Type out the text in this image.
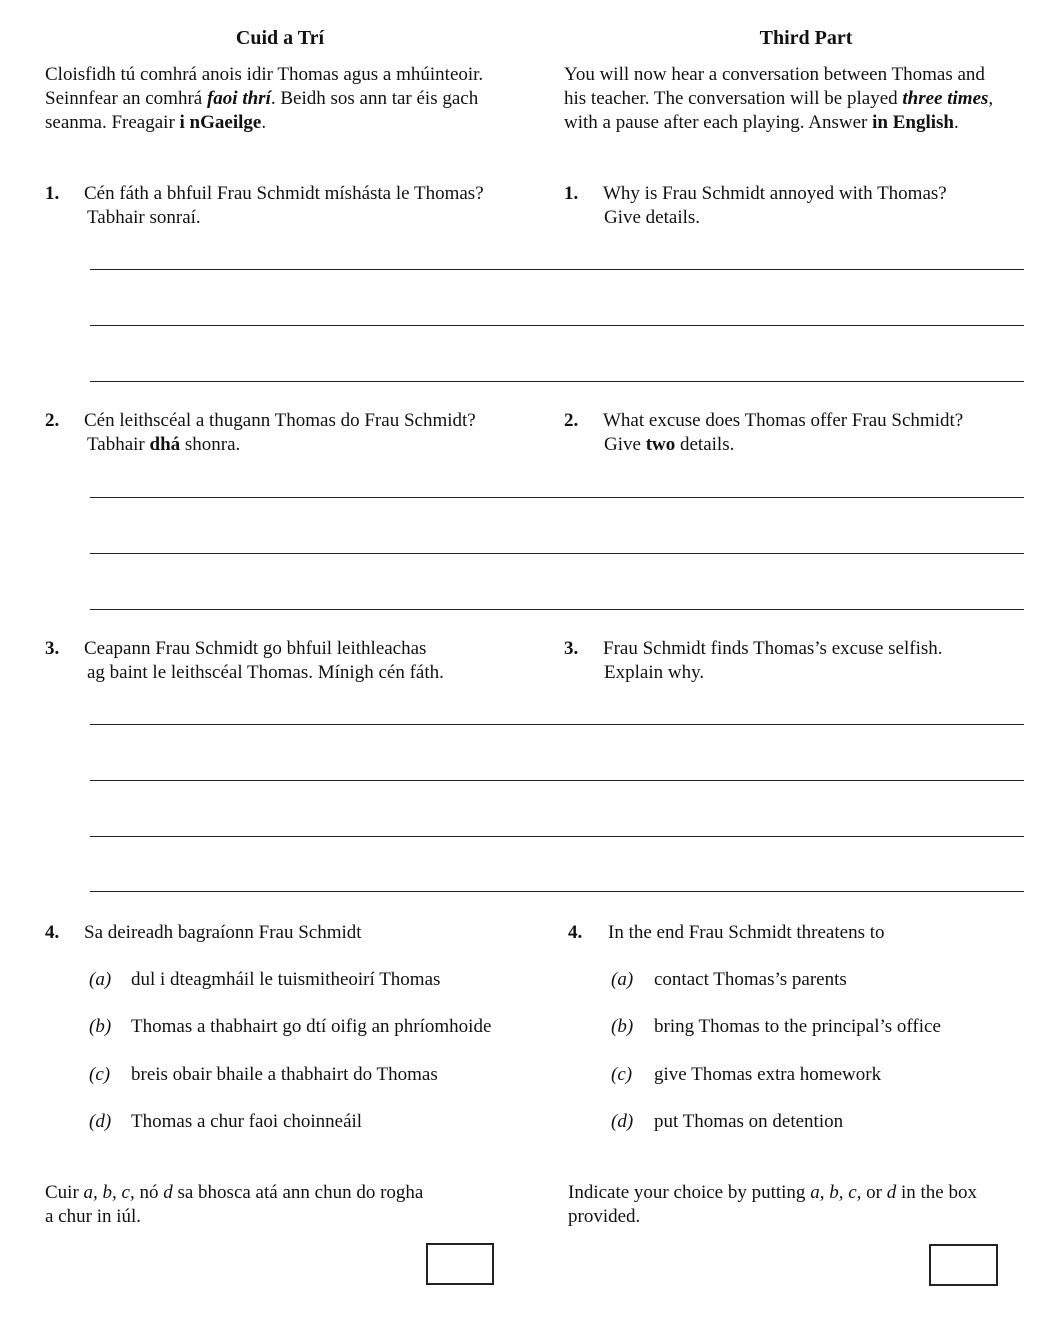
Cuid a Trí	Third Part
Cloisfidh tú comhrá anois idir Thomas agus a mhúinteoir.
Seinnfear an comhrá faoi thrí. Beidh sos ann tar éis gach
seanma. Freagair i nGaeilge.
You will now hear a conversation between Thomas and
his teacher. The conversation will be played three times,
with a pause after each playing. Answer in English.
1. Cén fáth a bhfuil Frau Schmidt míshásta le Thomas?
Tabhair sonraí.
1. Why is Frau Schmidt annoyed with Thomas?
Give details.
2. Cén leithscéal a thugann Thomas do Frau Schmidt?
Tabhair dhá shonra.
2. What excuse does Thomas offer Frau Schmidt?
Give two details.
3. Ceapann Frau Schmidt go bhfuil leithleachas
ag baint le leithscéal Thomas. Mínigh cén fáth.
3. Frau Schmidt finds Thomas’s excuse selfish.
Explain why.
4. Sa deireadh bagraíonn Frau Schmidt	4. In the end Frau Schmidt threatens to
(a) dul i dteagmháil le tuismitheoirí Thomas
(b) Thomas a thabhairt go dtí oifig an phríomhoide
(c) breis obair bhaile a thabhairt do Thomas
(d) Thomas a chur faoi choinneáil
(a) contact Thomas’s parents
(b) bring Thomas to the principal’s office
(c) give Thomas extra homework
(d) put Thomas on detention
Cuir a, b, c, nó d sa bhosca atá ann chun do rogha
a chur in iúl.
Indicate your choice by putting a, b, c, or d in the box
provided.
